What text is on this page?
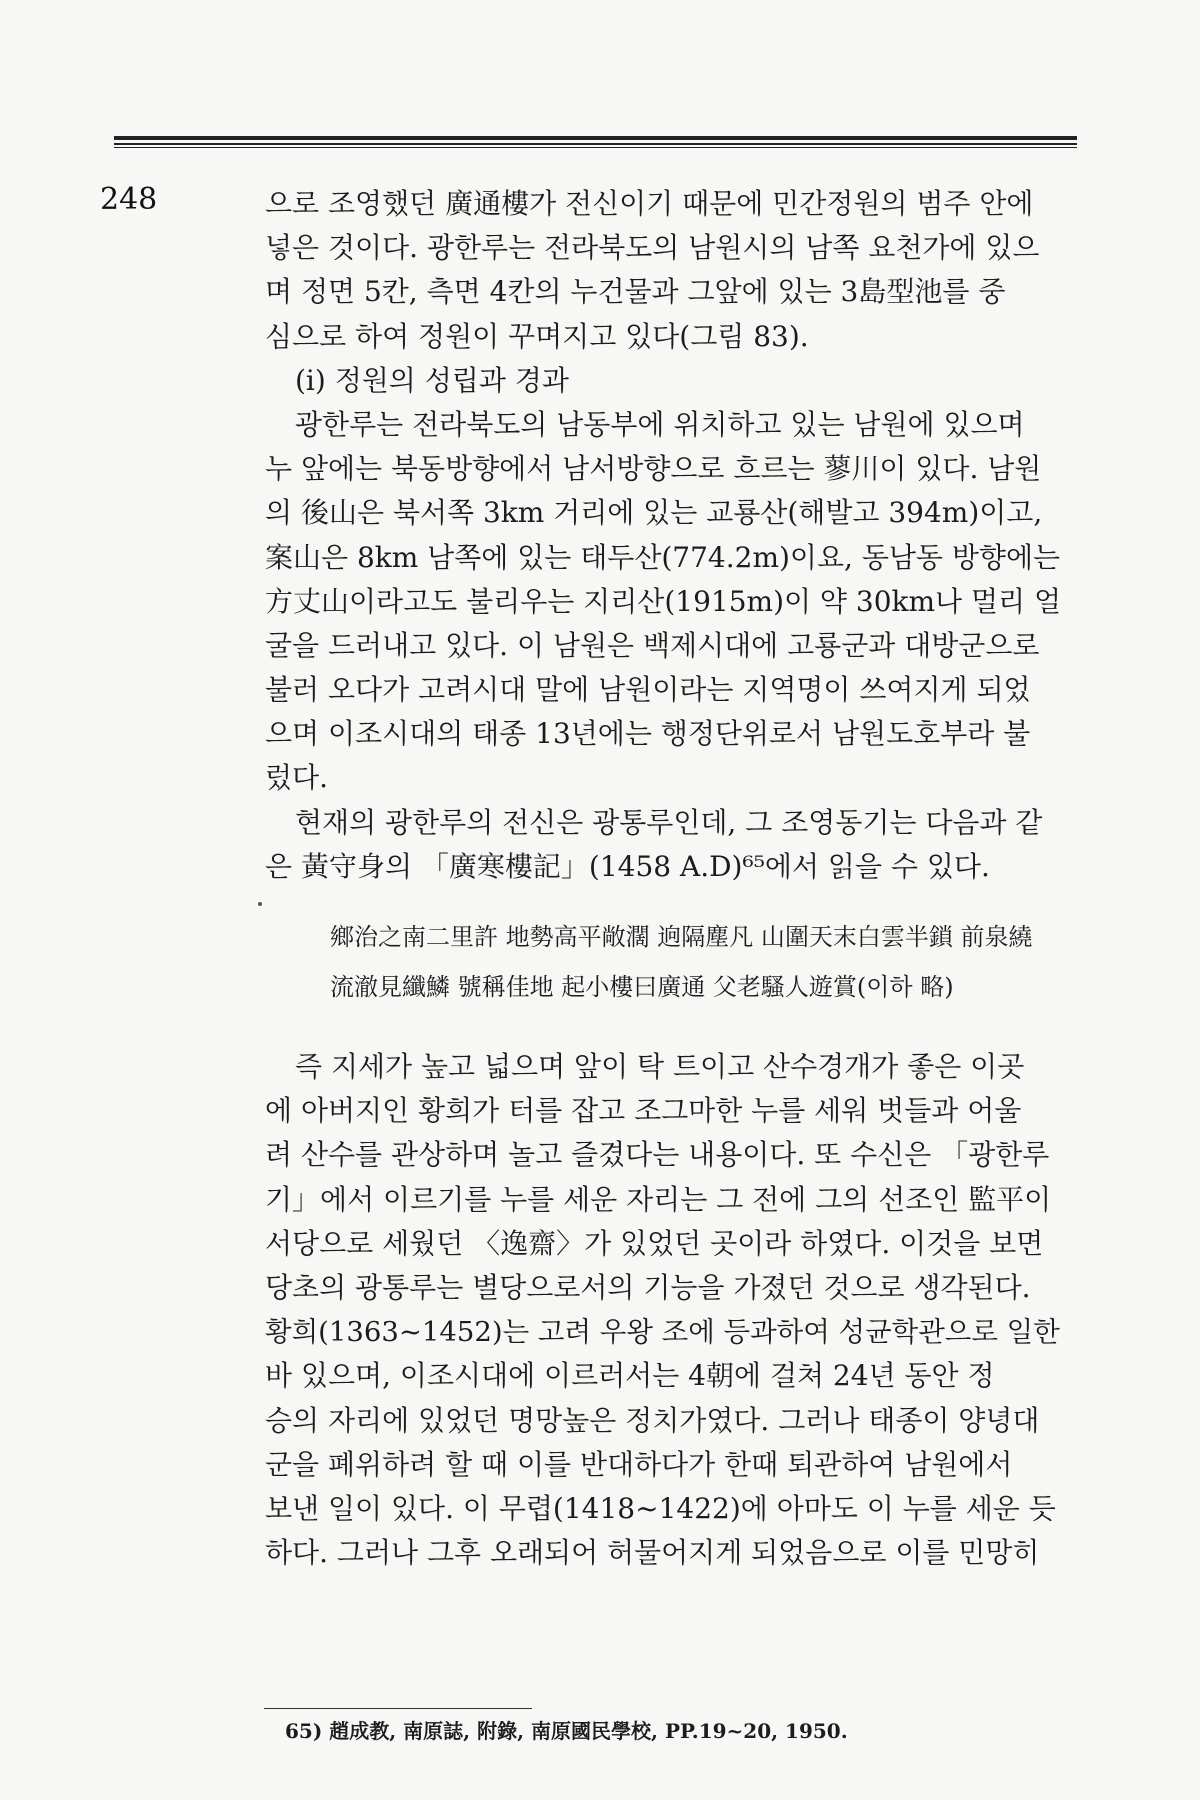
248	으로 조영했던 廣通樓가 전신이기 때문에 민간정원의 범주 안에
넣은 것이다. 광한루는 전라북도의 남원시의 남쪽 요천가에 있으
며 정면 5칸, 측면 4칸의 누건물과 그앞에 있는 3島型池를 중
심으로 하여 정원이 꾸며지고 있다(그림 83).
(i) 정원의 성립과 경과
광한루는 전라북도의 남동부에 위치하고 있는 남원에 있으며
누 앞에는 북동방향에서 남서방향으로 흐르는 蓼川이 있다. 남원
의 後山은 북서쪽 3km 거리에 있는 교룡산(해발고 394m)이고,
案山은 8km 남쪽에 있는 태두산(774.2m)이요, 동남동 방향에는
方丈山이라고도 불리우는 지리산(1915m)이 약 30km나 멀리 얼
굴을 드러내고 있다. 이 남원은 백제시대에 고룡군과 대방군으로
불러 오다가 고려시대 말에 남원이라는 지역명이 쓰여지게 되었
으며 이조시대의 태종 13년에는 행정단위로서 남원도호부라 불
렀다.
현재의 광한루의 전신은 광통루인데, 그 조영동기는 다음과 같
은 黃守身의 「廣寒樓記」(1458 A.D)⁶⁵에서 읽을 수 있다.
鄉治之南二里許 地勢高平敞濶 逈隔塵凡 山圍天末白雲半鎖 前泉繞
流澈見纖鱗 號稱佳地 起小樓曰廣通 父老騷人遊賞(이하 略)
즉 지세가 높고 넓으며 앞이 탁 트이고 산수경개가 좋은 이곳
에 아버지인 황희가 터를 잡고 조그마한 누를 세워 벗들과 어울
려 산수를 관상하며 놀고 즐겼다는 내용이다. 또 수신은 「광한루
기」에서 이르기를 누를 세운 자리는 그 전에 그의 선조인 監平이
서당으로 세웠던 〈逸齋〉가 있었던 곳이라 하였다. 이것을 보면
당초의 광통루는 별당으로서의 기능을 가졌던 것으로 생각된다.
황희(1363~1452)는 고려 우왕 조에 등과하여 성균학관으로 일한
바 있으며, 이조시대에 이르러서는 4朝에 걸쳐 24년 동안 정
승의 자리에 있었던 명망높은 정치가였다. 그러나 태종이 양녕대
군을 폐위하려 할 때 이를 반대하다가 한때 퇴관하여 남원에서
보낸 일이 있다. 이 무렵(1418~1422)에 아마도 이 누를 세운 듯
하다. 그러나 그후 오래되어 허물어지게 되었음으로 이를 민망히
65) 趙成教, 南原誌, 附錄, 南原國民學校, PP.19~20, 1950.
